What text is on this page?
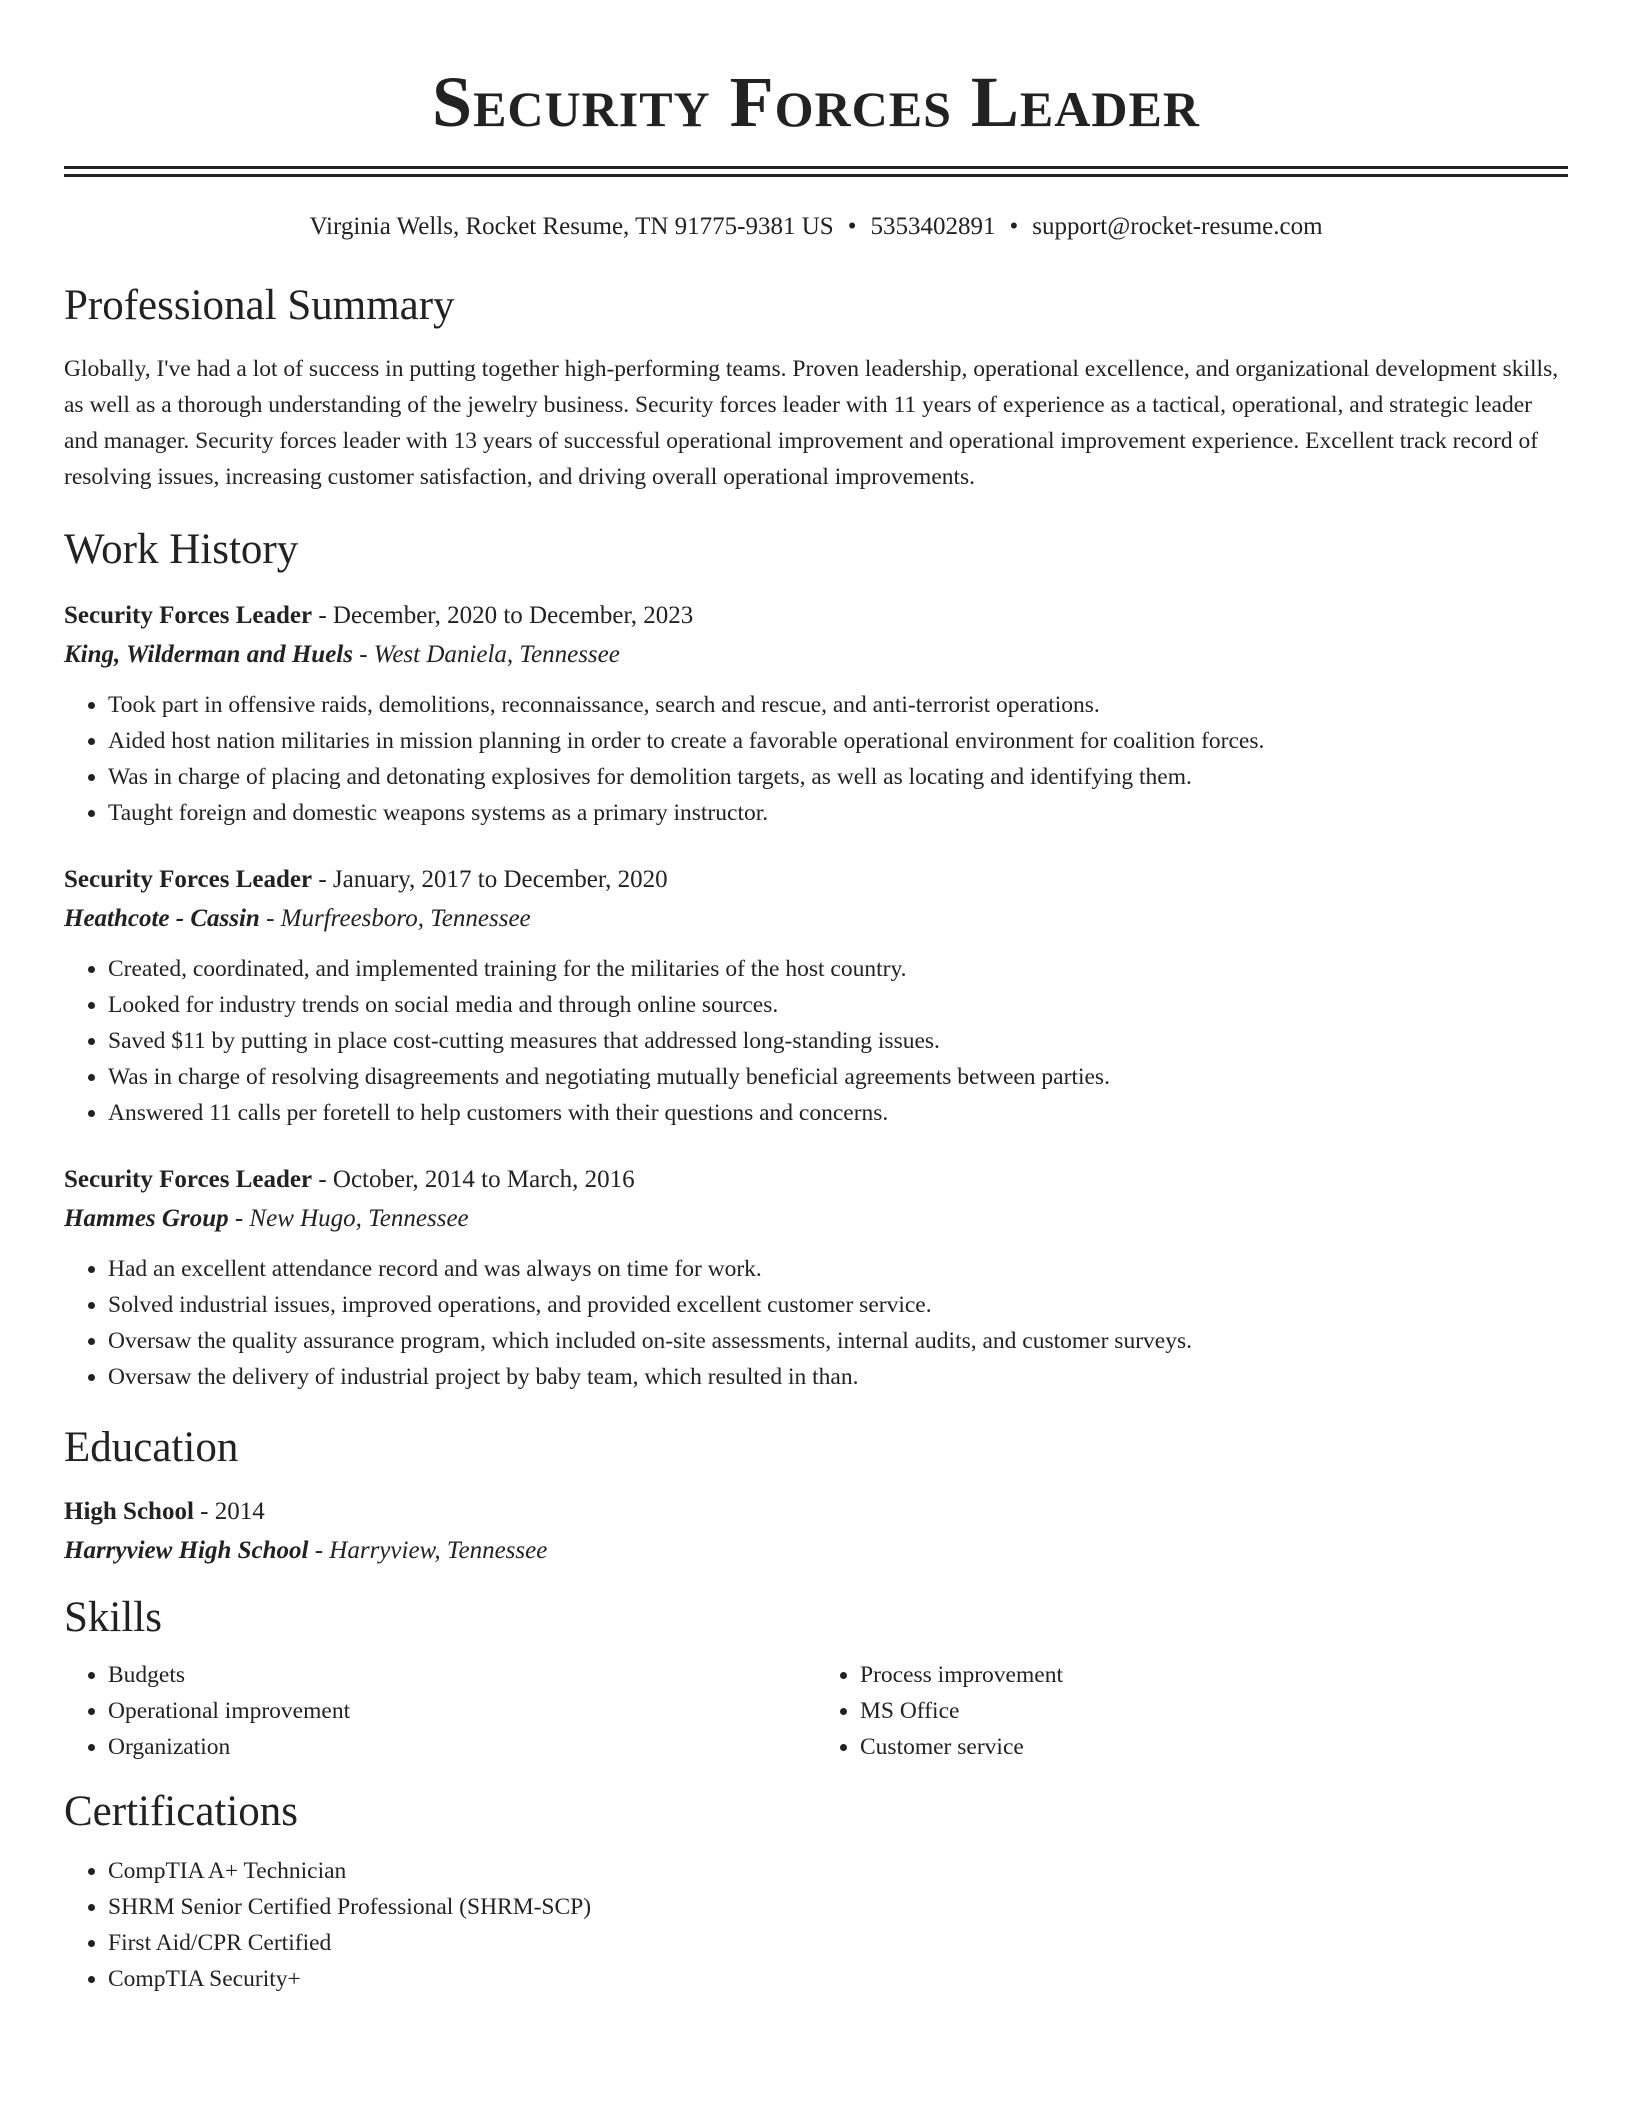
Security Forces Leader
Virginia Wells, Rocket Resume, TN 91775-9381 US • 5353402891 • support@rocket-resume.com
Professional Summary

Globally, I've had a lot of success in putting together high-performing teams. Proven leadership, operational excellence, and organizational development skills, as well as a thorough understanding of the jewelry business. Security forces leader with 11 years of experience as a tactical, operational, and strategic leader and manager. Security forces leader with 13 years of successful operational improvement and operational improvement experience. Excellent track record of resolving issues, increasing customer satisfaction, and driving overall operational improvements.

Work History
Security Forces Leader - December, 2020 to December, 2023
King, Wilderman and Huels - West Daniela, Tennessee
• Took part in offensive raids, demolitions, reconnaissance, search and rescue, and anti-terrorist operations.
• Aided host nation militaries in mission planning in order to create a favorable operational environment for coalition forces.
• Was in charge of placing and detonating explosives for demolition targets, as well as locating and identifying them.
• Taught foreign and domestic weapons systems as a primary instructor.
Security Forces Leader - January, 2017 to December, 2020
Heathcote - Cassin - Murfreesboro, Tennessee
• Created, coordinated, and implemented training for the militaries of the host country.
• Looked for industry trends on social media and through online sources.
• Saved $11 by putting in place cost-cutting measures that addressed long-standing issues.
• Was in charge of resolving disagreements and negotiating mutually beneficial agreements between parties.
• Answered 11 calls per foretell to help customers with their questions and concerns.
Security Forces Leader - October, 2014 to March, 2016
Hammes Group - New Hugo, Tennessee
• Had an excellent attendance record and was always on time for work.
• Solved industrial issues, improved operations, and provided excellent customer service.
• Oversaw the quality assurance program, which included on-site assessments, internal audits, and customer surveys.
• Oversaw the delivery of industrial project by baby team, which resulted in than.
Education
High School - 2014
Harryview High School - Harryview, Tennessee
Skills
• Budgets
• Operational improvement
• Organization
• Process improvement
• MS Office
• Customer service
Certifications
• CompTIA A+ Technician
• SHRM Senior Certified Professional (SHRM-SCP)
• First Aid/CPR Certified
• CompTIA Security+
